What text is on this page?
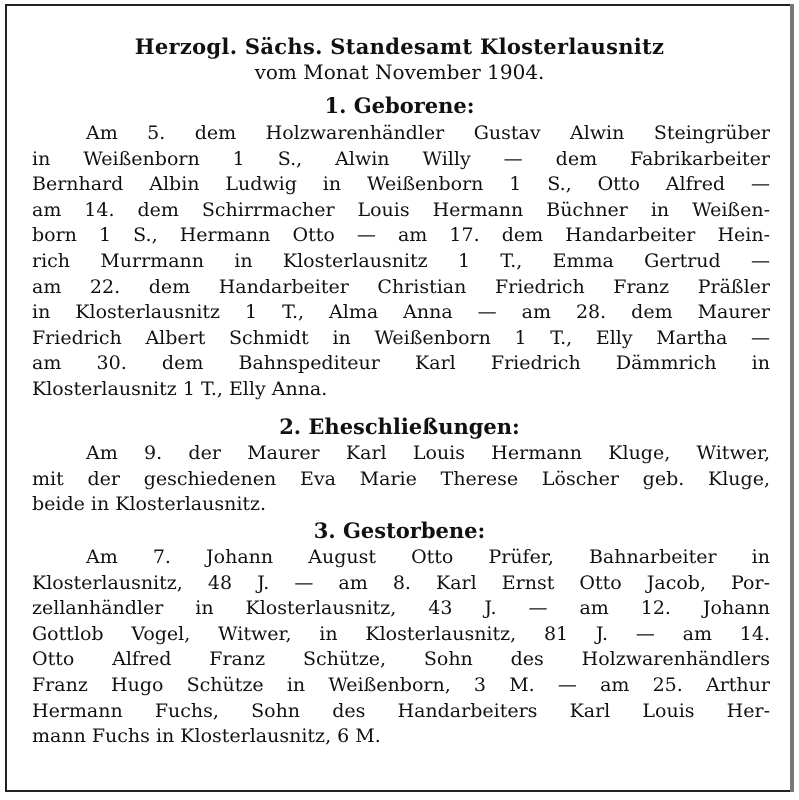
Herzogl. Sächs. Standesamt Klosterlausnitz
vom Monat November 1904.
1. Geborene:
Am 5. dem Holzwarenhändler Gustav Alwin Steingrüber
in Weißenborn 1 S., Alwin Willy — dem Fabrikarbeiter
Bernhard Albin Ludwig in Weißenborn 1 S., Otto Alfred —
am 14. dem Schirrmacher Louis Hermann Büchner in Weißen-
born 1 S., Hermann Otto — am 17. dem Handarbeiter Hein-
rich Murrmann in Klosterlausnitz 1 T., Emma Gertrud —
am 22. dem Handarbeiter Christian Friedrich Franz Präßler
in Klosterlausnitz 1 T., Alma Anna — am 28. dem Maurer
Friedrich Albert Schmidt in Weißenborn 1 T., Elly Martha —
am 30. dem Bahnspediteur Karl Friedrich Dämmrich in
Klosterlausnitz 1 T., Elly Anna.
2. Eheschließungen:
Am 9. der Maurer Karl Louis Hermann Kluge, Witwer,
mit der geschiedenen Eva Marie Therese Löscher geb. Kluge,
beide in Klosterlausnitz.
3. Gestorbene:
Am 7. Johann August Otto Prüfer, Bahnarbeiter in
Klosterlausnitz, 48 J. — am 8. Karl Ernst Otto Jacob, Por-
zellanhändler in Klosterlausnitz, 43 J. — am 12. Johann
Gottlob Vogel, Witwer, in Klosterlausnitz, 81 J. — am 14.
Otto Alfred Franz Schütze, Sohn des Holzwarenhändlers
Franz Hugo Schütze in Weißenborn, 3 M. — am 25. Arthur
Hermann Fuchs, Sohn des Handarbeiters Karl Louis Her-
mann Fuchs in Klosterlausnitz, 6 M.
